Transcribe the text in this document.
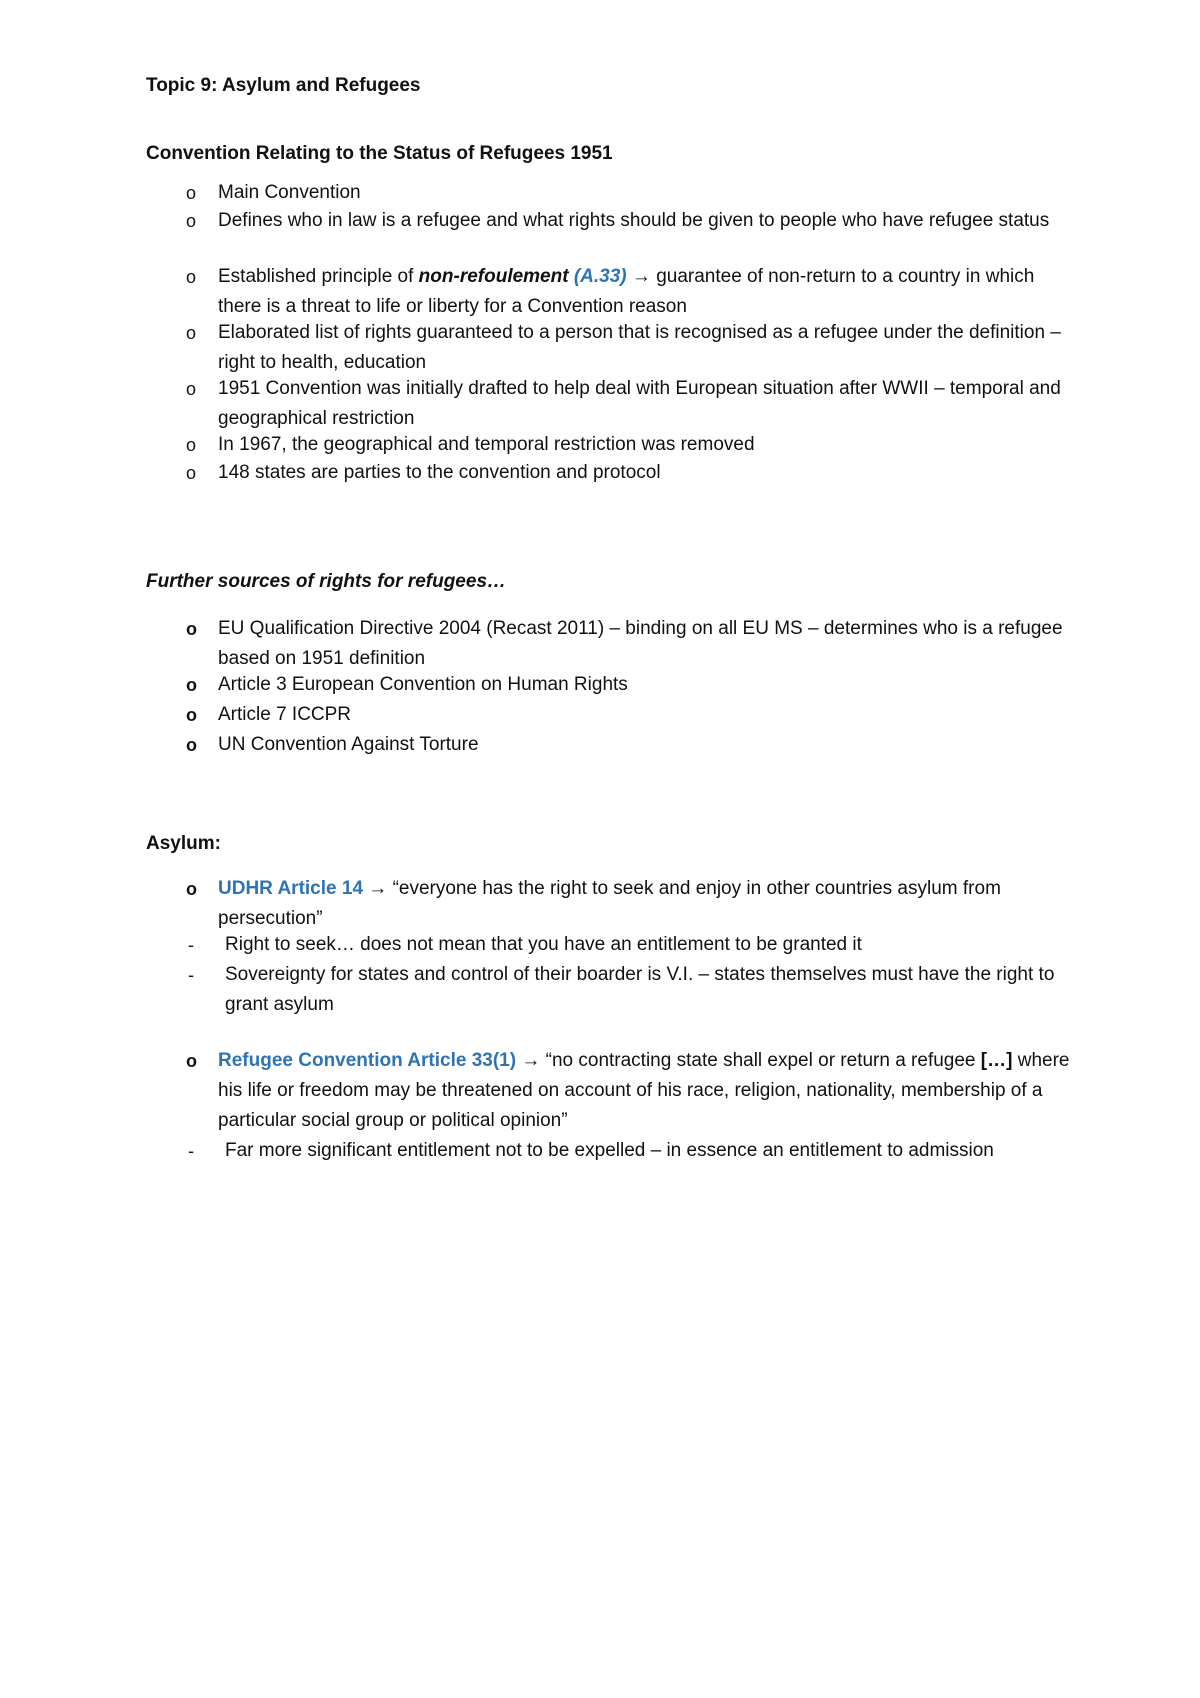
Topic 9: Asylum and Refugees
Convention Relating to the Status of Refugees 1951
o	Main Convention
o	Defines who in law is a refugee and what rights should be given to people who have refugee status
o	Established principle of non-refoulement (A.33) → guarantee of non-return to a country in which there is a threat to life or liberty for a Convention reason
o	Elaborated list of rights guaranteed to a person that is recognised as a refugee under the definition – right to health, education
o	1951 Convention was initially drafted to help deal with European situation after WWII – temporal and geographical restriction
o	In 1967, the geographical and temporal restriction was removed
o	148 states are parties to the convention and protocol
Further sources of rights for refugees…
o	EU Qualification Directive 2004 (Recast 2011) – binding on all EU MS – determines who is a refugee based on 1951 definition
o	Article 3 European Convention on Human Rights
o	Article 7 ICCPR
o	UN Convention Against Torture
Asylum:
o	UDHR Article 14 → “everyone has the right to seek and enjoy in other countries asylum from persecution”
-	Right to seek… does not mean that you have an entitlement to be granted it
-	Sovereignty for states and control of their boarder is V.I. – states themselves must have the right to grant asylum
o	Refugee Convention Article 33(1) → “no contracting state shall expel or return a refugee […] where his life or freedom may be threatened on account of his race, religion, nationality, membership of a particular social group or political opinion”
-	Far more significant entitlement not to be expelled – in essence an entitlement to admission
